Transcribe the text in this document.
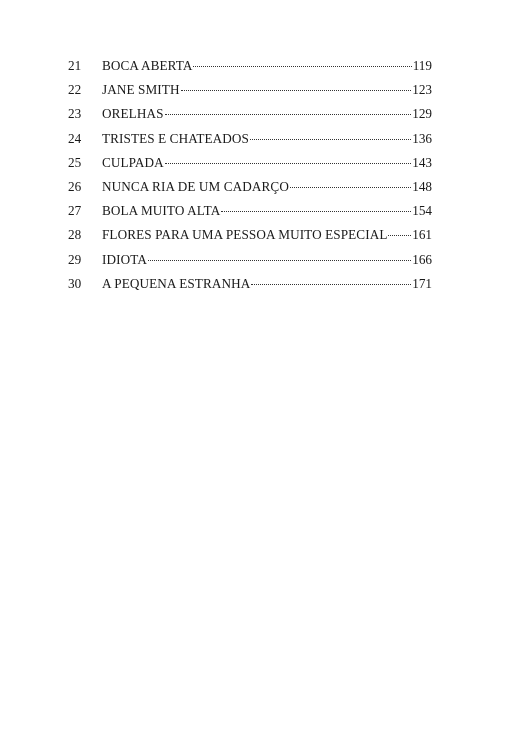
21	BOCA ABERTA	119
22	JANE SMITH	123
23	ORELHAS	129
24	TRISTES E CHATEADOS	136
25	CULPADA	143
26	NUNCA RIA DE UM CADARÇO	148
27	BOLA MUITO ALTA	154
28	FLORES PARA UMA PESSOA MUITO ESPECIAL 161
29	IDIOTA	166
30	A PEQUENA ESTRANHA	171
